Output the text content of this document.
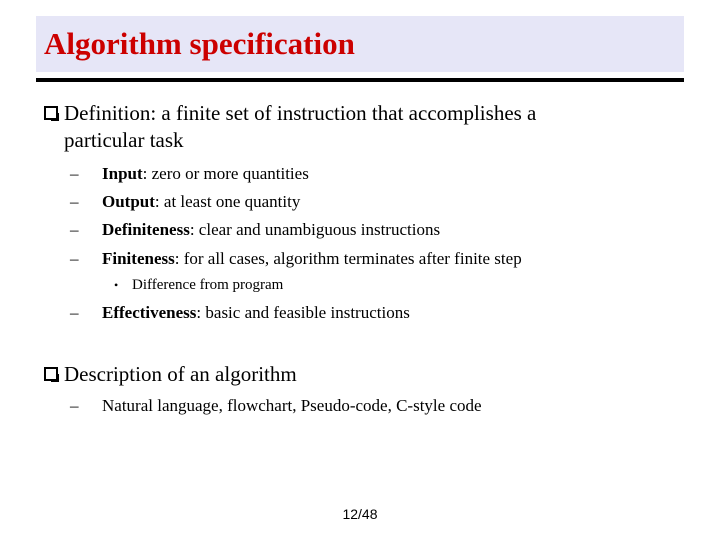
Algorithm specification
Definition: a finite set of instruction that accomplishes a
particular task
–	Input: zero or more quantities
–	Output: at least one quantity
–	Definiteness: clear and unambiguous instructions
–	Finiteness: for all cases, algorithm terminates after finite step
• Difference from program
–	Effectiveness: basic and feasible instructions
Description of an algorithm
–	Natural language, flowchart, Pseudo-code, C-style code
12/48
